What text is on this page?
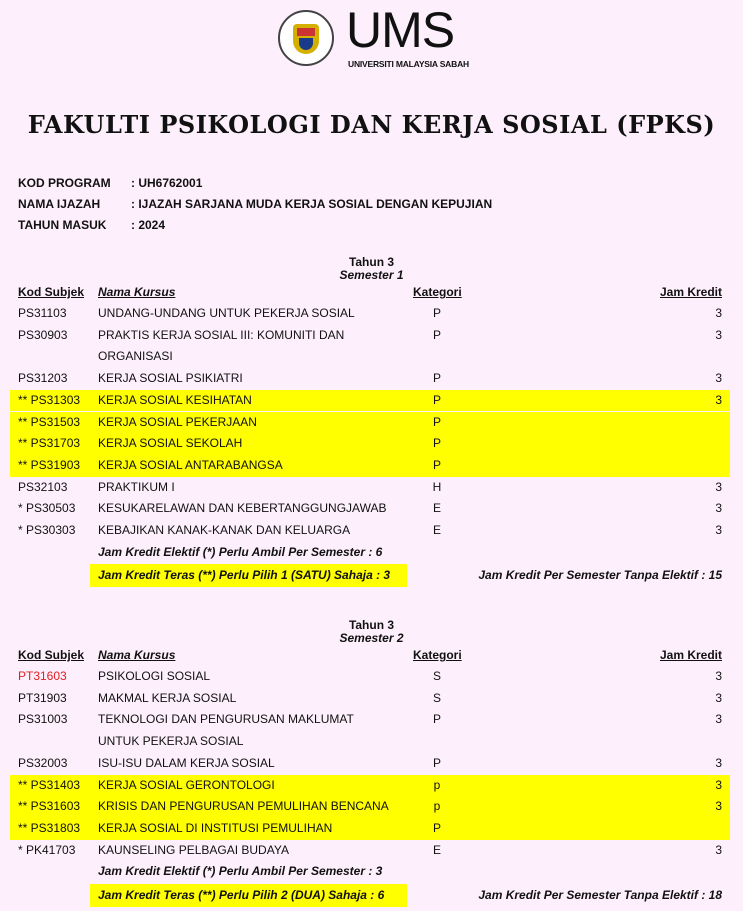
UMS
UNIVERSITI MALAYSIA SABAH
FAKULTI PSIKOLOGI DAN KERJA SOSIAL (FPKS)
KOD PROGRAM : UH6762001
NAMA IJAZAH	: IJAZAH SARJANA MUDA KERJA SOSIAL DENGAN KEPUJIAN
TAHUN MASUK : 2024
Tahun 3
Semester 1
Kod Subjek Nama Kursus	Kategori	Jam Kredit
PS31103	UNDANG-UNDANG UNTUK PEKERJA SOSIAL	P	3
PS30903	PRAKTIS KERJA SOSIAL III: KOMUNITI DAN	P	3
ORGANISASI
PS31203	KERJA SOSIAL PSIKIATRI	P	3
** PS31303 KERJA SOSIAL KESIHATAN	P	3
** PS31503 KERJA SOSIAL PEKERJAAN	P
** PS31703 KERJA SOSIAL SEKOLAH	P
** PS31903 KERJA SOSIAL ANTARABANGSA	P
PS32103	PRAKTIKUM I	H	3
* PS30503 KESUKARELAWAN DAN KEBERTANGGUNGJAWAB	E	3
* PS30303 KEBAJIKAN KANAK-KANAK DAN KELUARGA	E	3
Jam Kredit Elektif (*) Perlu Ambil Per Semester : 6
Jam Kredit Teras (**) Perlu Pilih 1 (SATU) Sahaja : 3	Jam Kredit Per Semester Tanpa Elektif : 15
Tahun 3
Semester 2
Kod Subjek Nama Kursus	Kategori	Jam Kredit
PT31603	PSIKOLOGI SOSIAL	S	3
PT31903	MAKMAL KERJA SOSIAL	S	3
PS31003	TEKNOLOGI DAN PENGURUSAN MAKLUMAT	P	3
UNTUK PEKERJA SOSIAL
PS32003	ISU-ISU DALAM KERJA SOSIAL	P	3
** PS31403 KERJA SOSIAL GERONTOLOGI	p	3
** PS31603 KRISIS DAN PENGURUSAN PEMULIHAN BENCANA	p	3
** PS31803 KERJA SOSIAL DI INSTITUSI PEMULIHAN	P
* PK41703 KAUNSELING PELBAGAI BUDAYA	E	3
Jam Kredit Elektif (*) Perlu Ambil Per Semester : 3
Jam Kredit Teras (**) Perlu Pilih 2 (DUA) Sahaja : 6	Jam Kredit Per Semester Tanpa Elektif : 18
